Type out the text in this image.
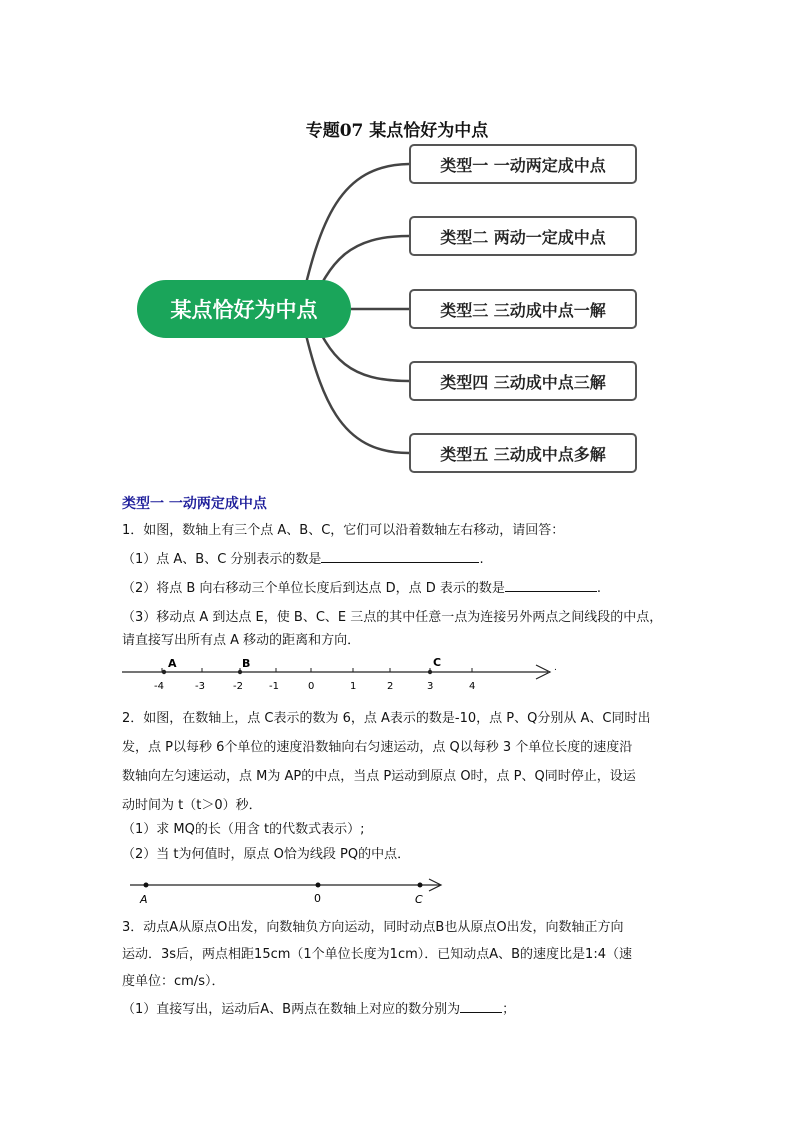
专题07 某点恰好为中点
某点恰好为中点
类型一 一动两定成中点
类型二 两动一定成中点
类型三 三动成中点一解
类型四 三动成中点三解
类型五 三动成中点多解
类型一 一动两定成中点
1．如图，数轴上有三个点 A、B、C，它们可以沿着数轴左右移动，请回答：
（1）点 A、B、C 分别表示的数是	.
（2）将点 B 向右移动三个单位长度后到达点 D，点 D 表示的数是	.
（3）移动点 A 到达点 E，使 B、C、E 三点的其中任意一点为连接另外两点之间线段的中点，
请直接写出所有点 A 移动的距离和方向．
.
-4	-3	-2	-1	0	1	2	3	4
A	B	C
2．如图，在数轴上，点 C表示的数为 6，点 A表示的数是-10，点 P、Q分别从 A、C同时出
发，点 P以每秒 6个单位的速度沿数轴向右匀速运动，点 Q以每秒 3 个单位长度的速度沿
数轴向左匀速运动，点 M为 AP的中点，当点 P运动到原点 O时，点 P、Q同时停止，设运
动时间为 t（t＞0）秒．
（1）求 MQ的长（用含 t的代数式表示）;
（2）当 t为何值时，原点 O恰为线段 PQ的中点．
A	0	C
3．动点A从原点O出发，向数轴负方向运动，同时动点B也从原点O出发，向数轴正方向
运动．3s后，两点相距15cm（1个单位长度为1cm）．已知动点A、B的速度比是1:4（速
度单位：cm/s）．
（1）直接写出，运动后A、B两点在数轴上对应的数分别为	；
